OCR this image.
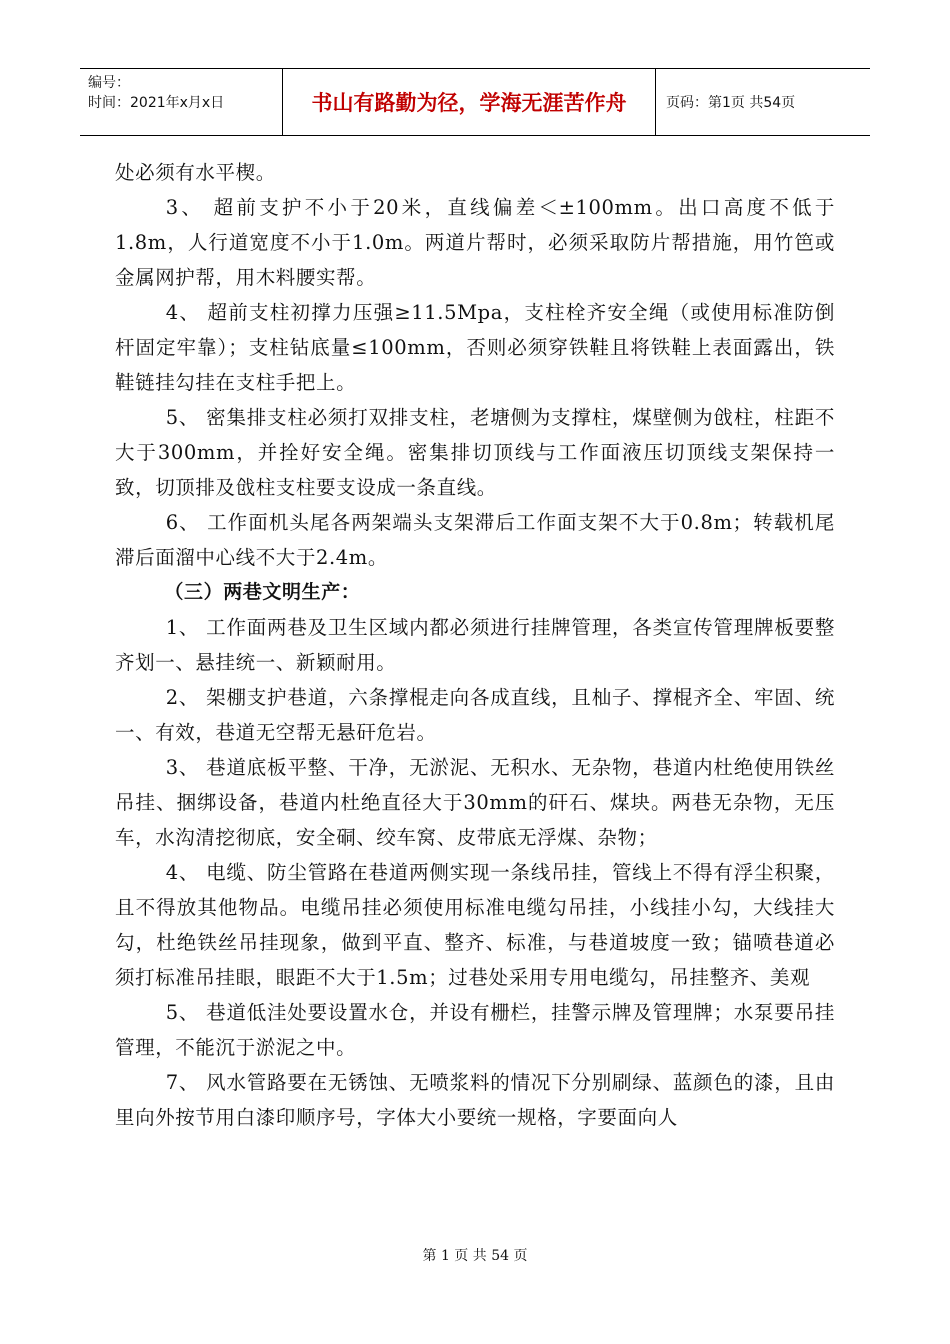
编号：
时间：2021年x月x日	书山有路勤为径，学海无涯苦作舟	页码：第1页 共54页

处必须有水平楔。

3、 超前支护不小于20米，直线偏差＜±100mm。出口高度不低于1.8m，人行道宽度不小于1.0m。两道片帮时，必须采取防片帮措施，用竹笆或金属网护帮，用木料腰实帮。

4、 超前支柱初撑力压强≥11.5Mpa，支柱栓齐安全绳（或使用标准防倒杆固定牢靠）；支柱钻底量≤100mm，否则必须穿铁鞋且将铁鞋上表面露出，铁鞋链挂勾挂在支柱手把上。

5、 密集排支柱必须打双排支柱，老塘侧为支撑柱，煤壁侧为戗柱，柱距不大于300mm，并拴好安全绳。密集排切顶线与工作面液压切顶线支架保持一致，切顶排及戗柱支柱要支设成一条直线。

6、 工作面机头尾各两架端头支架滞后工作面支架不大于0.8m；转载机尾滞后面溜中心线不大于2.4m。

（三）两巷文明生产：

1、 工作面两巷及卫生区域内都必须进行挂牌管理，各类宣传管理牌板要整齐划一、悬挂统一、新颖耐用。

2、 架棚支护巷道，六条撑棍走向各成直线，且杣子、撑棍齐全、牢固、统一、有效，巷道无空帮无悬矸危岩。

3、 巷道底板平整、干净，无淤泥、无积水、无杂物，巷道内杜绝使用铁丝吊挂、捆绑设备，巷道内杜绝直径大于30mm的矸石、煤块。两巷无杂物，无压车，水沟清挖彻底，安全硐、绞车窝、皮带底无浮煤、杂物；

4、 电缆、防尘管路在巷道两侧实现一条线吊挂，管线上不得有浮尘积聚，且不得放其他物品。电缆吊挂必须使用标准电缆勾吊挂，小线挂小勾，大线挂大勾，杜绝铁丝吊挂现象，做到平直、整齐、标准，与巷道坡度一致；锚喷巷道必须打标准吊挂眼，眼距不大于1.5m；过巷处采用专用电缆勾，吊挂整齐、美观

5、 巷道低洼处要设置水仓，并设有栅栏，挂警示牌及管理牌；水泵要吊挂管理，不能沉于淤泥之中。

7、 风水管路要在无锈蚀、无喷浆料的情况下分别刷绿、蓝颜色的漆，且由里向外按节用白漆印顺序号，字体大小要统一规格，字要面向人

第 1 页 共 54 页
